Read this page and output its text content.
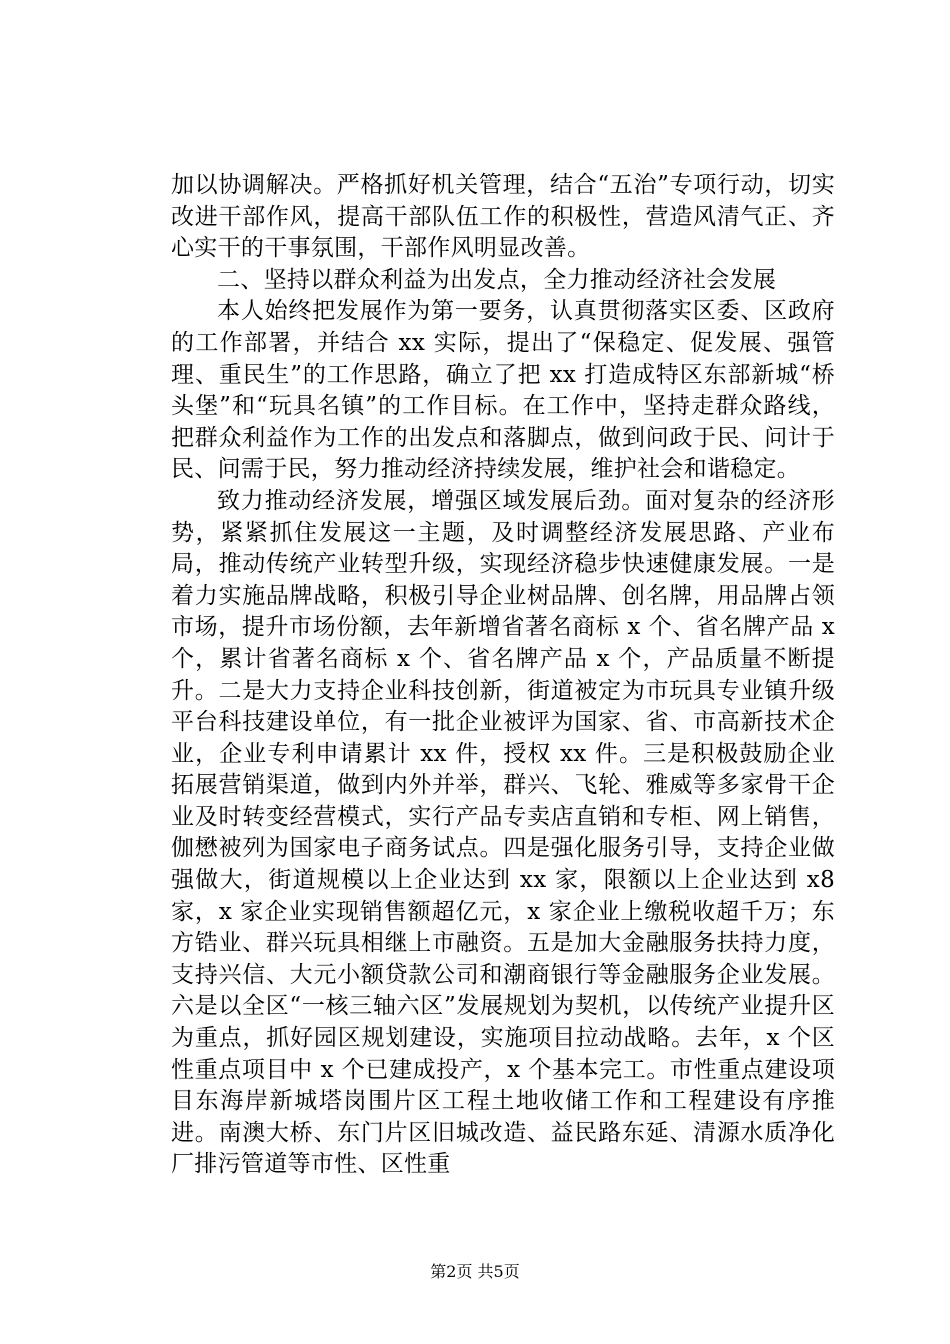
加以协调解决。严格抓好机关管理，结合“五治”专项行动，切实改进干部作风，提高干部队伍工作的积极性，营造风清气正、齐心实干的干事氛围，干部作风明显改善。

二、坚持以群众利益为出发点，全力推动经济社会发展

本人始终把发展作为第一要务，认真贯彻落实区委、区政府的工作部署，并结合 xx 实际，提出了“保稳定、促发展、强管理、重民生”的工作思路，确立了把 xx 打造成特区东部新城“桥头堡”和“玩具名镇”的工作目标。在工作中，坚持走群众路线，把群众利益作为工作的出发点和落脚点，做到问政于民、问计于民、问需于民，努力推动经济持续发展，维护社会和谐稳定。

致力推动经济发展，增强区域发展后劲。面对复杂的经济形势，紧紧抓住发展这一主题，及时调整经济发展思路、产业布局，推动传统产业转型升级，实现经济稳步快速健康发展。一是着力实施品牌战略，积极引导企业树品牌、创名牌，用品牌占领市场，提升市场份额，去年新增省著名商标 x 个、省名牌产品 x 个，累计省著名商标 x 个、省名牌产品 x 个，产品质量不断提升。二是大力支持企业科技创新，街道被定为市玩具专业镇升级平台科技建设单位，有一批企业被评为国家、省、市高新技术企业，企业专利申请累计 xx 件，授权 xx 件。三是积极鼓励企业拓展营销渠道，做到内外并举，群兴、飞轮、雅威等多家骨干企业及时转变经营模式，实行产品专卖店直销和专柜、网上销售，伽懋被列为国家电子商务试点。四是强化服务引导，支持企业做强做大，街道规模以上企业达到 xx 家，限额以上企业达到 x8 家，x 家企业实现销售额超亿元，x 家企业上缴税收超千万；东方锆业、群兴玩具相继上市融资。五是加大金融服务扶持力度，支持兴信、大元小额贷款公司和潮商银行等金融服务企业发展。六是以全区“一核三轴六区”发展规划为契机，以传统产业提升区为重点，抓好园区规划建设，实施项目拉动战略。去年，x 个区性重点项目中 x 个已建成投产，x 个基本完工。市性重点建设项目东海岸新城塔岗围片区工程土地收储工作和工程建设有序推进。南澳大桥、东门片区旧城改造、益民路东延、清源水质净化厂排污管道等市性、区性重

第2页 共5页
